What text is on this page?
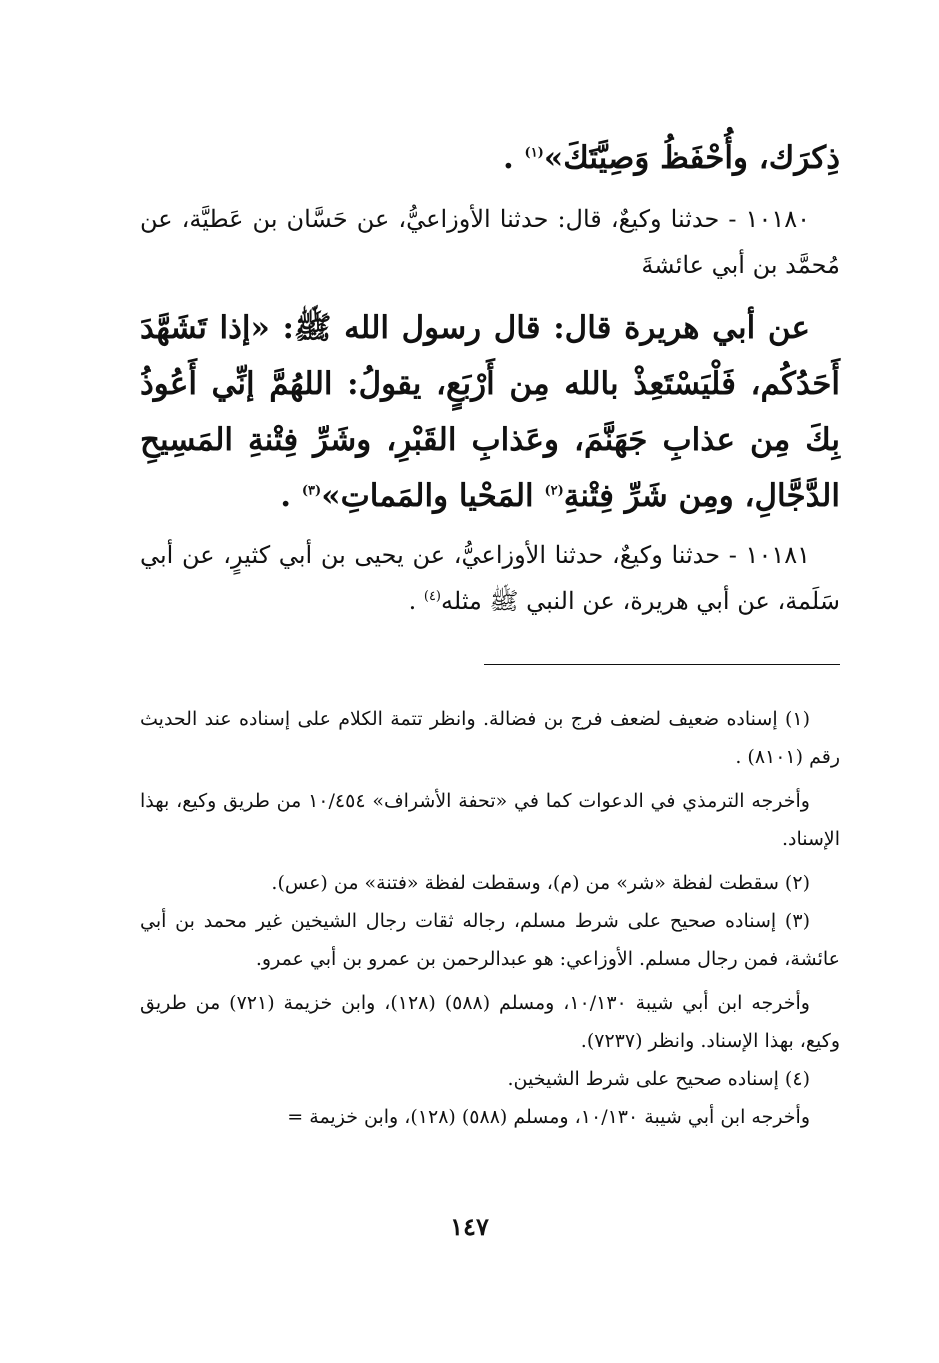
ذِكرَك، وأُحْفَظُ وَصِيَّتَكَ»$^{(١)}$ .

١٠١٨٠ - حدثنا وكيعٌ، قال: حدثنا الأوزاعيُّ، عن حَسَّان بن عَطيَّة، عن مُحمَّد بن أبي عائشةَ

عن أبي هريرة قال: قال رسول الله ﷺ: «إذا تَشَهَّدَ أَحَدُكُم، فَلْيَسْتَعِذْ بالله مِن أَرْبَعٍ، يقولُ: اللهُمَّ إنِّي أَعُوذُ بِكَ مِن عذابِ جَهَنَّمَ، وعَذابِ القَبْرِ، وشَرِّ فِتْنةِ المَسِيحِ الدَّجَّالِ، ومِن شَرِّ فِتْنةِ$^{(٢)}$ المَحْيا والمَماتِ»$^{(٣)}$ .

١٠١٨١ - حدثنا وكيعٌ، حدثنا الأوزاعيُّ، عن يحيى بن أبي كثيرٍ، عن أبي سَلَمة، عن أبي هريرة، عن النبي ﷺ مثله$^{(٤)}$ .

(١) إسناده ضعيف لضعف فرج بن فضالة. وانظر تتمة الكلام على إسناده عند الحديث رقم (٨١٠١) .

وأخرجه الترمذي في الدعوات كما في «تحفة الأشراف» ١٠/٤٥٤ من طريق وكيع، بهذا الإسناد.

(٢) سقطت لفظة «شر» من (م)، وسقطت لفظة «فتنة» من (عس).

(٣) إسناده صحيح على شرط مسلم، رجاله ثقات رجال الشيخين غير محمد بن أبي عائشة، فمن رجال مسلم. الأوزاعي: هو عبدالرحمن بن عمرو بن أبي عمرو.

وأخرجه ابن أبي شيبة ١٠/١٣٠، ومسلم (٥٨٨) (١٢٨)، وابن خزيمة (٧٢١) من طريق وكيع، بهذا الإسناد. وانظر (٧٢٣٧).

(٤) إسناده صحيح على شرط الشيخين.

وأخرجه ابن أبي شيبة ١٠/١٣٠، ومسلم (٥٨٨) (١٢٨)، وابن خزيمة =

١٤٧
